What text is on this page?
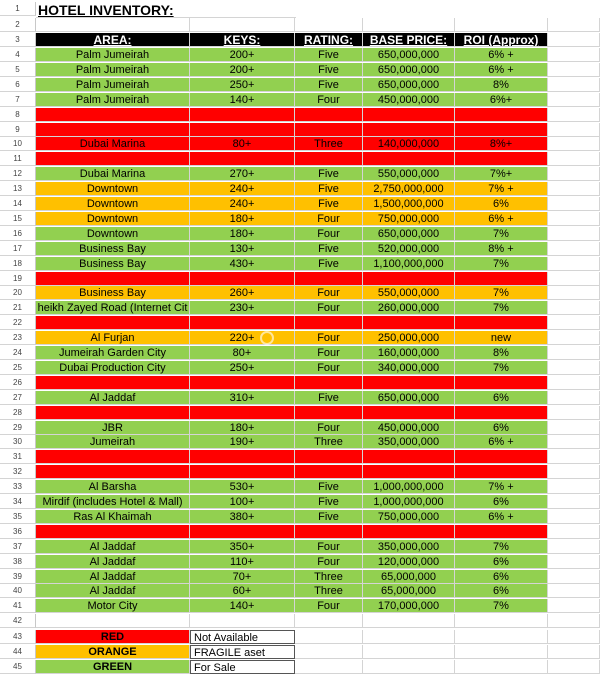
1	HOTEL INVENTORY:
2
3	AREA:	KEYS:	RATING:	BASE PRICE:	ROI (Approx)
4	Palm Jumeirah	200+	Five	650,000,000	6% +
5	Palm Jumeirah	200+	Five	650,000,000	6% +
6	Palm Jumeirah	250+	Five	650,000,000	8%
7	Palm Jumeirah	140+	Four	450,000,000	6%+
8
9
10	Dubai Marina	80+	Three	140,000,000	8%+
11
12	Dubai Marina	270+	Five	550,000,000	7%+
13	Downtown	240+	Five	2,750,000,000	7% +
14	Downtown	240+	Five	1,500,000,000	6%
15	Downtown	180+	Four	750,000,000	6% +
16	Downtown	180+	Four	650,000,000	7%
17	Business Bay	130+	Five	520,000,000	8% +
18	Business Bay	430+	Five	1,100,000,000	7%
19
20	Business Bay	260+	Four	550,000,000	7%
21	heikh Zayed Road (Internet Cit	230+	Four	260,000,000	7%
22
23	Al Furjan	220+	Four	250,000,000	new
24	Jumeirah Garden City	80+	Four	160,000,000	8%
25	Dubai Production City	250+	Four	340,000,000	7%
26
27	Al Jaddaf	310+	Five	650,000,000	6%
28
29	JBR	180+	Four	450,000,000	6%
30	Jumeirah	190+	Three	350,000,000	6% +
31
32
33	Al Barsha	530+	Five	1,000,000,000	7% +
34	Mirdif (includes Hotel & Mall)	100+	Five	1,000,000,000	6%
35	Ras Al Khaimah	380+	Five	750,000,000	6% +
36
37	Al Jaddaf	350+	Four	350,000,000	7%
38	Al Jaddaf	110+	Four	120,000,000	6%
39	Al Jaddaf	70+	Three	65,000,000	6%
40	Al Jaddaf	60+	Three	65,000,000	6%
41	Motor City	140+	Four	170,000,000	7%
42
43	RED	Not Available
44	ORANGE	FRAGILE aset
45	GREEN	For Sale
